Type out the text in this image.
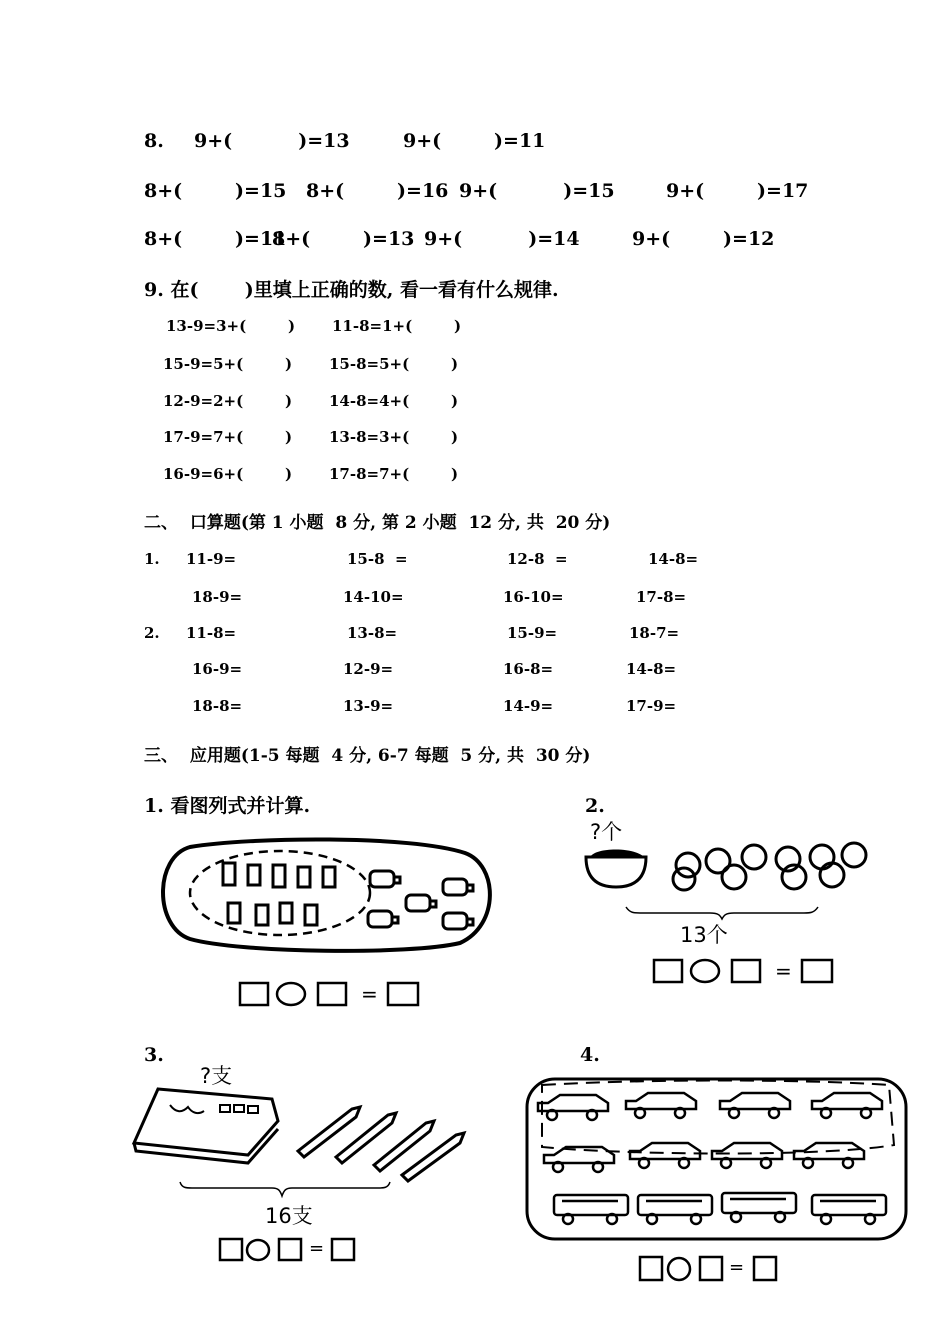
8. 9+(          )=13	9+(        )=11
8+(        )=15 8+(        )=16 9+(          )=15	9+(        )=17
8+(        )=11
8+(        )=13 9+(          )=14	9+(        )=12
9. 在(       )里填上正确的数, 看一看有什么规律.
13-9=3+(        ) 11-8=1+(        )
15-9=5+(        ) 15-8=5+(        )
12-9=2+(        ) 14-8=4+(        )
17-9=7+(        ) 13-8=3+(        )
16-9=6+(        ) 17-8=7+(        )
二、  口算题(第 1 小题  8 分, 第 2 小题  12 分, 共  20 分)
1. 11-9=	15-8  =	12-8  =	14-8=
18-9=	14-10=	16-10=	17-8=
2. 11-8=	13-8=	15-9=	18-7=
16-9=	12-9=	16-8=	14-8=
18-8=	13-9=	14-9=	17-9=
三、  应用题(1-5 每题  4 分, 6-7 每题  5 分, 共  30 分)
1. 看图列式并计算.	2.
=
?个
13个
=
3.
?支
16支
=
4.
=
